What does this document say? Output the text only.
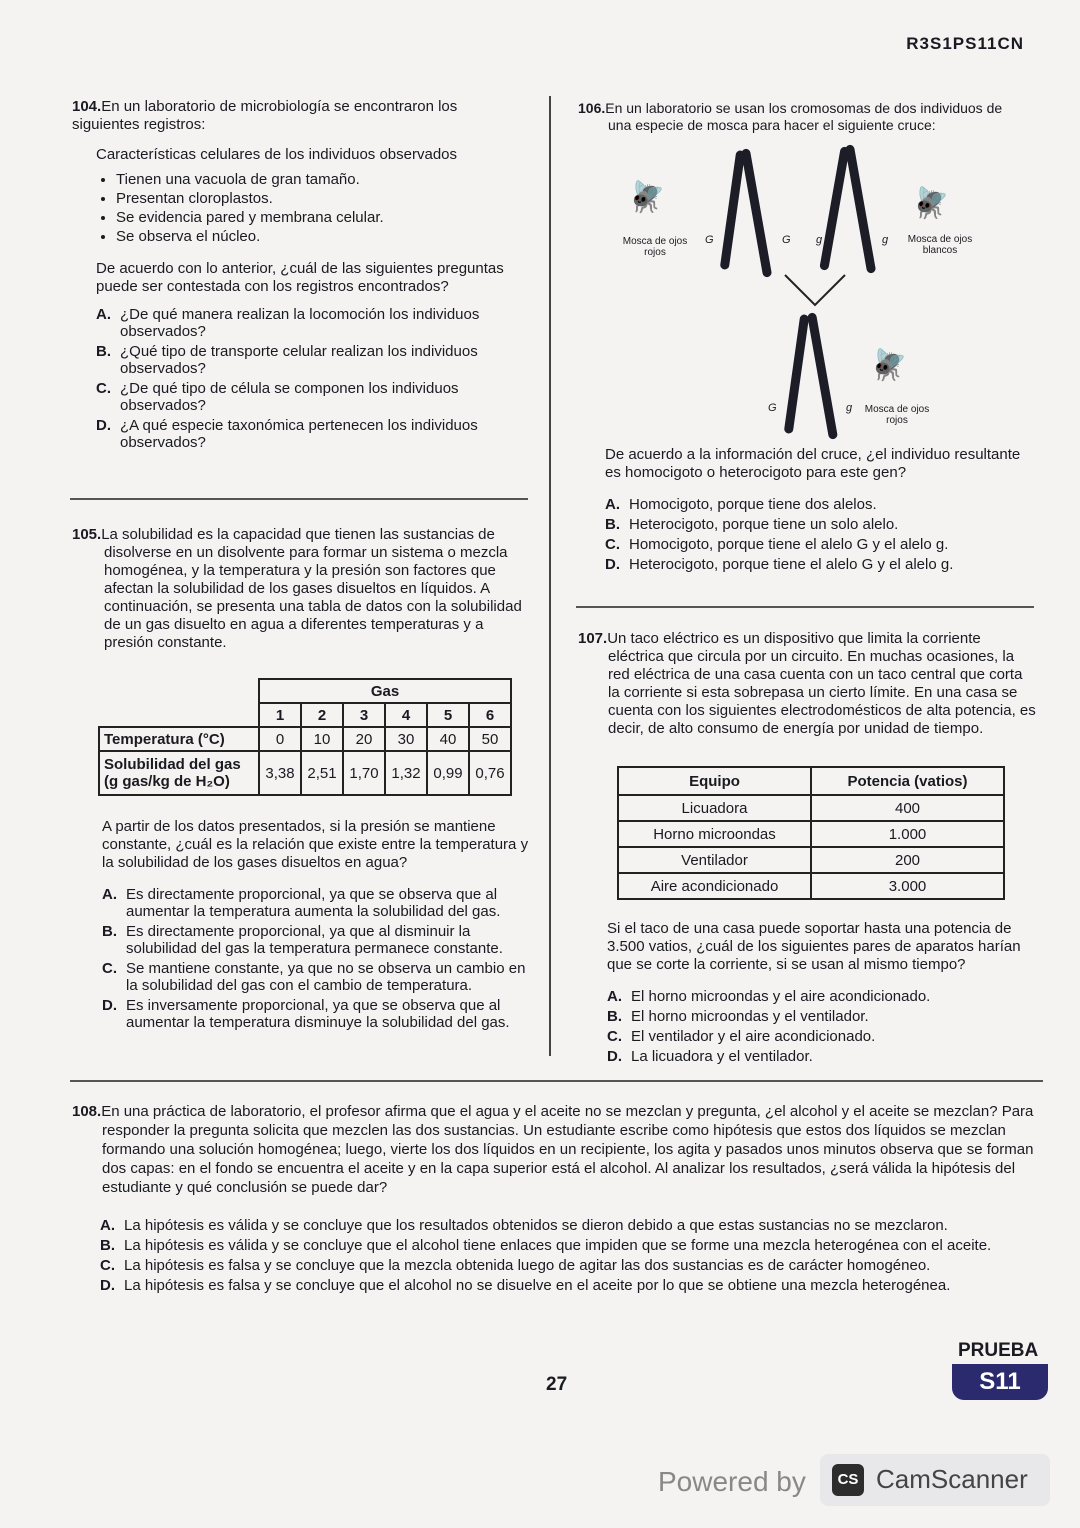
R3S1PS11CN
104.En un laboratorio de microbiología se encontraron los siguientes registros:
Características celulares de los individuos observados
• Tienen una vacuola de gran tamaño.
• Presentan cloroplastos.
• Se evidencia pared y membrana celular.
• Se observa el núcleo.
De acuerdo con lo anterior, ¿cuál de las siguientes preguntas puede ser contestada con los registros encontrados?
A. ¿De qué manera realizan la locomoción los individuos observados?
B. ¿Qué tipo de transporte celular realizan los individuos observados?
C. ¿De qué tipo de célula se componen los individuos observados?
D. ¿A qué especie taxonómica pertenecen los individuos observados?
105.La solubilidad es la capacidad que tienen las sustancias de disolverse en un disolvente para formar un sistema o mezcla homogénea, y la temperatura y la presión son factores que afectan la solubilidad de los gases disueltos en líquidos. A continuación, se presenta una tabla de datos con la solubilidad de un gas disuelto en agua a diferentes temperaturas y a presión constante.
	Gas					
	1	2	3	4	5	6
Temperatura (°C)	0	10	20	30	40	50
Solubilidad del gas (g gas/kg de H₂O)	3,38	2,51	1,70	1,32	0,99	0,76
A partir de los datos presentados, si la presión se mantiene constante, ¿cuál es la relación que existe entre la temperatura y la solubilidad de los gases disueltos en agua?
A. Es directamente proporcional, ya que se observa que al aumentar la temperatura aumenta la solubilidad del gas.
B. Es directamente proporcional, ya que al disminuir la solubilidad del gas la temperatura permanece constante.
C. Se mantiene constante, ya que no se observa un cambio en la solubilidad del gas con el cambio de temperatura.
D. Es inversamente proporcional, ya que se observa que al aumentar la temperatura disminuye la solubilidad del gas.
106.En un laboratorio se usan los cromosomas de dos individuos de una especie de mosca para hacer el siguiente cruce:
🪰
Mosca de ojos rojos
G	G g	g
🪰
Mosca de ojos blancos
G	g
🪰
Mosca de ojos rojos
De acuerdo a la información del cruce, ¿el individuo resultante es homocigoto o heterocigoto para este gen?
A. Homocigoto, porque tiene dos alelos.
B. Heterocigoto, porque tiene un solo alelo.
C. Homocigoto, porque tiene el alelo G y el alelo g.
D. Heterocigoto, porque tiene el alelo G y el alelo g.
107.Un taco eléctrico es un dispositivo que limita la corriente eléctrica que circula por un circuito. En muchas ocasiones, la red eléctrica de una casa cuenta con un taco central que corta la corriente si esta sobrepasa un cierto límite. En una casa se cuenta con los siguientes electrodomésticos de alta potencia, es decir, de alto consumo de energía por unidad de tiempo.
Equipo	Potencia (vatios)
Licuadora	400
Horno microondas	1.000
Ventilador	200
Aire acondicionado	3.000
Si el taco de una casa puede soportar hasta una potencia de 3.500 vatios, ¿cuál de los siguientes pares de aparatos harían que se corte la corriente, si se usan al mismo tiempo?
A. El horno microondas y el aire acondicionado.
B. El horno microondas y el ventilador.
C. El ventilador y el aire acondicionado.
D. La licuadora y el ventilador.
108.En una práctica de laboratorio, el profesor afirma que el agua y el aceite no se mezclan y pregunta, ¿el alcohol y el aceite se mezclan? Para responder la pregunta solicita que mezclen las dos sustancias. Un estudiante escribe como hipótesis que estos dos líquidos se mezclan formando una solución homogénea; luego, vierte los dos líquidos en un recipiente, los agita y pasados unos minutos observa que se forman dos capas: en el fondo se encuentra el aceite y en la capa superior está el alcohol. Al analizar los resultados, ¿será válida la hipótesis del estudiante y qué conclusión se puede dar?
A. La hipótesis es válida y se concluye que los resultados obtenidos se dieron debido a que estas sustancias no se mezclaron.
B. La hipótesis es válida y se concluye que el alcohol tiene enlaces que impiden que se forme una mezcla heterogénea con el aceite.
C. La hipótesis es falsa y se concluye que la mezcla obtenida luego de agitar las dos sustancias es de carácter homogéneo.
D. La hipótesis es falsa y se concluye que el alcohol no se disuelve en el aceite por lo que se obtiene una mezcla heterogénea.
27
PRUEBA
S11
Powered by	CS CamScanner
